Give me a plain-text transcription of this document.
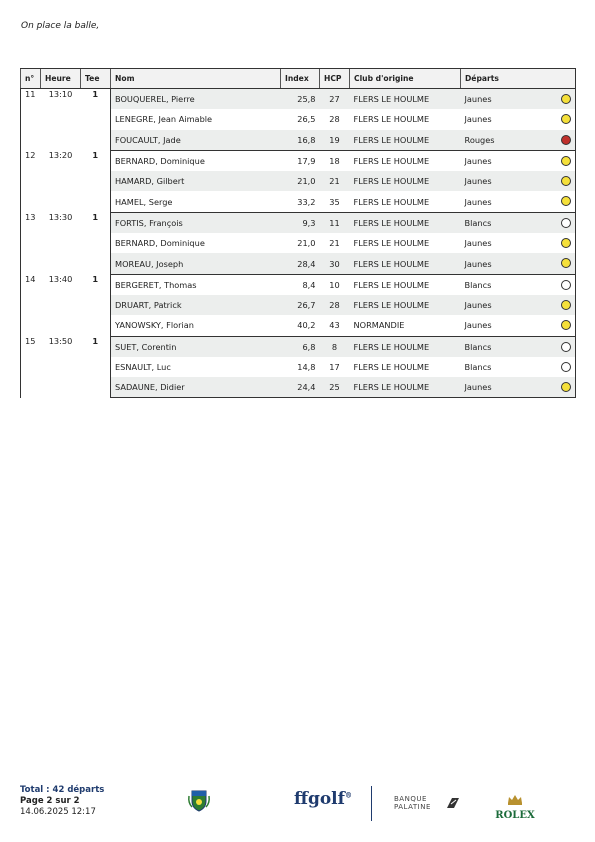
On place la balle,
n°	Heure	Tee	Nom	Index	HCP	Club d'origine	Départs
11	13:10	1	BOUQUEREL, Pierre	25,8	27	FLERS LE HOULME	Jaunes

			LENEGRE, Jean Aimable	26,5	28	FLERS LE HOULME	Jaunes

			FOUCAULT, Jade	16,8	19	FLERS LE HOULME	Rouges

12	13:20	1	BERNARD, Dominique	17,9	18	FLERS LE HOULME	Jaunes

			HAMARD, Gilbert	21,0	21	FLERS LE HOULME	Jaunes

			HAMEL, Serge	33,2	35	FLERS LE HOULME	Jaunes

13	13:30	1	FORTIS, François	9,3	11	FLERS LE HOULME	Blancs

			BERNARD, Dominique	21,0	21	FLERS LE HOULME	Jaunes

			MOREAU, Joseph	28,4	30	FLERS LE HOULME	Jaunes

14	13:40	1	BERGERET, Thomas	8,4	10	FLERS LE HOULME	Blancs

			DRUART, Patrick	26,7	28	FLERS LE HOULME	Jaunes

			YANOWSKY, Florian	40,2	43	NORMANDIE	Jaunes

15	13:50	1	SUET, Corentin	6,8	8	FLERS LE HOULME	Blancs

			ESNAULT, Luc	14,8	17	FLERS LE HOULME	Blancs

			SADAUNE, Didier	24,4	25	FLERS LE HOULME	Jaunes
Total : 42 départs
Page 2 sur 2
14.06.2025 12:17
ffgolf®	BANQUE
PALATINE
ROLEX
